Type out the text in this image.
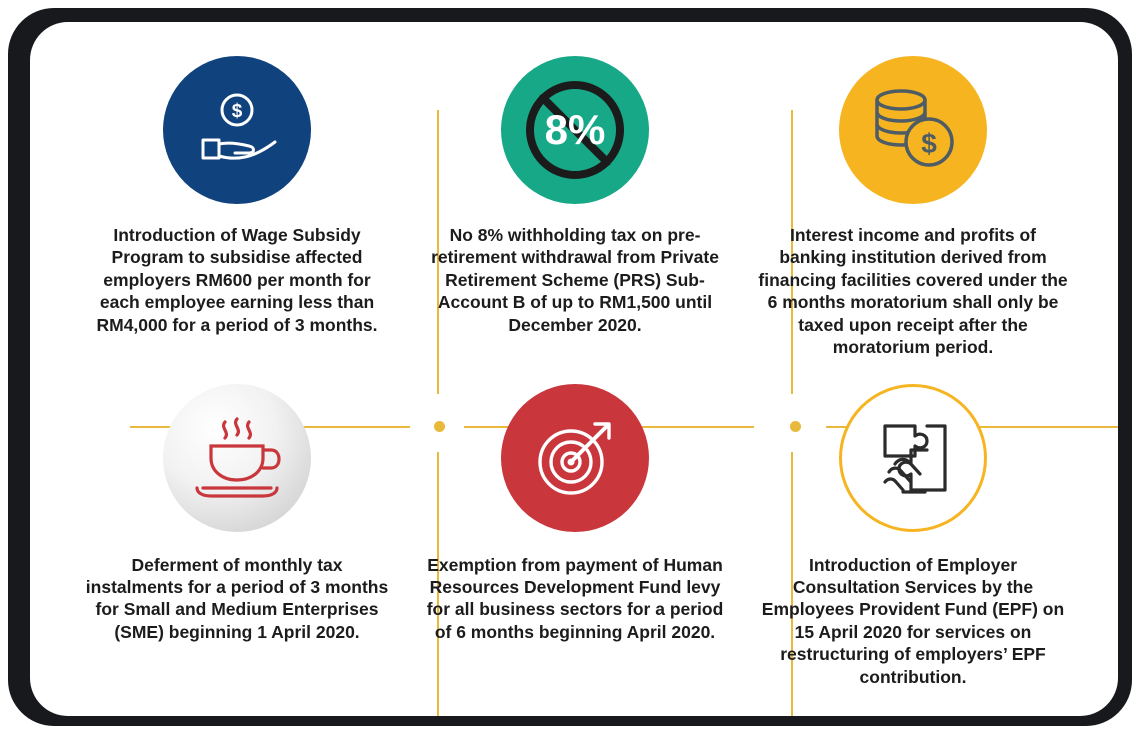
$
Introduction of Wage Subsidy Program to subsidise affected employers RM600 per month for each employee earning less than RM4,000 for a period of 3 months.
8%
No 8% withholding tax on pre-retirement withdrawal from Private Retirement Scheme (PRS) Sub-Account B of up to RM1,500 until December 2020.
$
Interest income and profits of banking institution derived from financing facilities covered under the 6 months moratorium shall only be taxed upon receipt after the moratorium period.
Deferment of monthly tax instalments for a period of 3 months for Small and Medium Enterprises (SME) beginning 1 April 2020.
Exemption from payment of Human Resources Development Fund levy for all business sectors for a period of 6 months beginning April 2020.
Introduction of Employer Consultation Services by the Employees Provident Fund (EPF) on 15 April 2020 for services on restructuring of employers’ EPF contribution.
